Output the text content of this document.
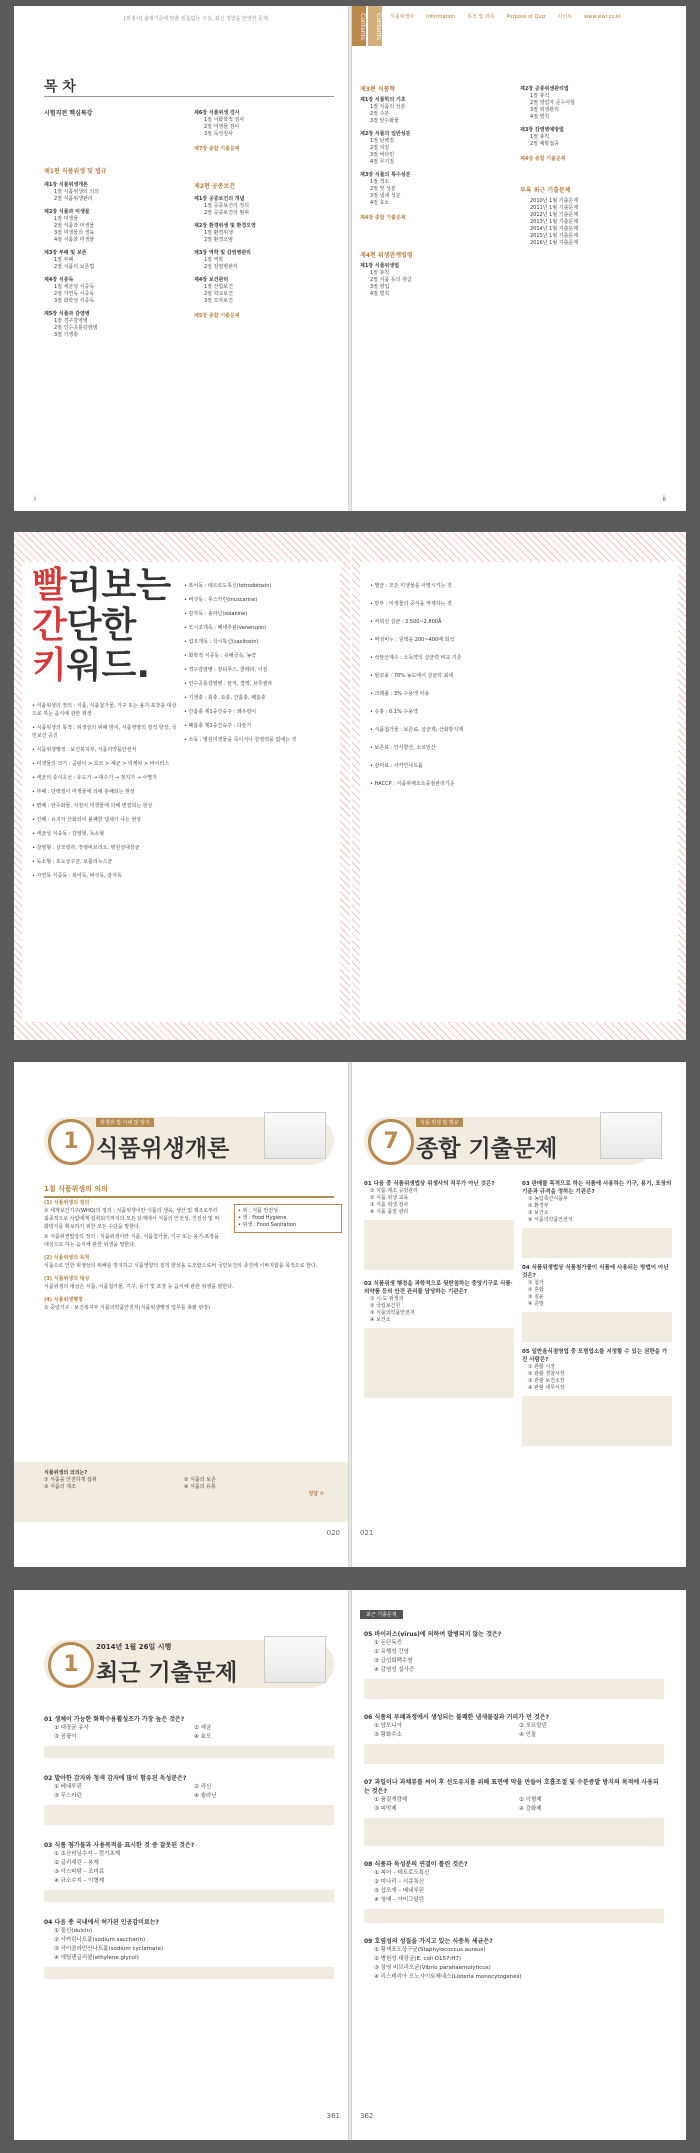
[위생사] 출제기준에 맞춘 빈틈없는 구성, 최신 경향을 반영한 문제.
목 차
시험직전 핵심특강
제1편 식품위생 및 법규
제1장 식품위생개론
1절 식품위생의 의의
2절 식품위생관리
제2장 식품과 미생물
1절 미생물
2절 식품과 미생물
3절 미생물의 생육
4절 식품과 미생물
제3장 부패 및 보존
1절 부패
2절 식품의 보존법
제4장 식중독
1절 세균성 식중독
2절 자연독 식중독
3절 화학성 식중독
제5장 식품과 감염병
1절 경구감염병
2절 인수공통감염병
3절 기생충
제6장 식품위생 검사
1절 이화학적 검사
2절 미생물 검사
3절 독성검사
제7장 종합 기출문제
제2편 공중보건
제1장 공중보건의 개념
1절 공중보건의 정의
2절 공중보건의 범위
제2장 환경위생 및 환경오염
1절 환경위생
2절 환경오염
제3장 역학 및 감염병관리
1절 역학
2절 감염병관리
제4장 보건관리
1절 산업보건
2절 학교보건
3절 모자보건
제5장 종합 기출문제
ⅰ
Contents	Contents 식품위생사 Information 목적 및 과목 Purpose of Quiz 사이트 www.siwi.co.kr
제3편 식품학
제1장 식품학의 기초
1절 식품의 성분
2절 수분
3절 탄수화물
제2장 식품의 일반성분
1절 단백질
2절 지질
3절 비타민
4절 무기질
제3장 식품의 특수성분
1절 색소
2절 맛 성분
3절 냄새 성분
4절 효소
제4장 종합 기출문제
제4편 위생관계법령
제1장 식품위생법
1절 총칙
2절 식품 등의 취급
3절 영업
4절 벌칙
제2장 공중위생관리법
1절 총칙
2절 영업자 준수사항
3절 위생관리
4절 벌칙
제3장 감염병예방법
1절 총칙
2절 예방접종
제4장 종합 기출문제
부록 최근 기출문제
2010년 1월 기출문제
2011년 1월 기출문제
2012년 1월 기출문제
2013년 1월 기출문제
2014년 1월 기출문제
2015년 1월 기출문제
2016년 1월 기출문제
ⅱ
빨리보는
간단한
키워드.
• 식품위생의 정의 : 식품, 식품첨가물, 기구 또는 용기·포장을 대상으로 하는 음식에 관한 위생
• 식품위생의 목적 : 위생상의 위해 방지, 식품영양의 질적 향상, 국민보건 증진
• 식품위생행정 : 보건복지부, 식품의약품안전처
• 미생물의 크기 : 곰팡이 > 효모 > 세균 > 리케차 > 바이러스
• 세균의 증식곡선 : 유도기 → 대수기 → 정지기 → 사멸기
• 부패 : 단백질이 미생물에 의해 분해되는 현상
• 변패 : 탄수화물, 지질이 미생물에 의해 변질되는 현상
• 산패 : 유지가 산화되어 불쾌한 냄새가 나는 현상
• 세균성 식중독 : 감염형, 독소형
• 감염형 : 살모넬라, 장염비브리오, 병원성대장균
• 독소형 : 포도상구균, 보툴리누스균
• 자연독 식중독 : 복어독, 버섯독, 감자독
• 복어독 : 테트로도톡신(tetrodotoxin)
• 버섯독 : 무스카린(muscarine)
• 감자독 : 솔라닌(solanine)
• 모시조개독 : 베네루핀(venerupin)
• 섭조개독 : 삭시톡신(saxitoxin)
• 화학적 식중독 : 유해금속, 농약
• 경구감염병 : 장티푸스, 콜레라, 이질
• 인수공통감염병 : 탄저, 결핵, 브루셀라
• 기생충 : 회충, 요충, 간흡충, 폐흡충
• 간흡충 제1중간숙주 : 왜우렁이
• 폐흡충 제1중간숙주 : 다슬기
• 소독 : 병원미생물을 죽이거나 감염력을 없애는 것
• 멸균 : 모든 미생물을 사멸시키는 것
• 방부 : 미생물의 증식을 억제하는 것
• 자외선 살균 : 2,500~2,800Å
• 역성비누 : 원액을 200~400배 희석
• 석탄산계수 : 소독약의 살균력 비교 기준
• 알코올 : 70% 농도에서 살균력 최대
• 크레졸 : 3% 수용액 사용
• 승홍 : 0.1% 수용액
• 식품첨가물 : 보존료, 살균제, 산화방지제
• 보존료 : 안식향산, 소르빈산
• 감미료 : 사카린나트륨
• HACCP : 식품위해요소중점관리기준
1
위생과 법 이해 및 암기
식품위생개론
1절 식품위생의 의의
(1) 식품위생의 정의
① 세계보건기구(WHO)의 정의 : 식품위생이란 식품의 생육, 생산 및 제조로부터 최종적으로 사람에게 섭취되기까지의 모든 단계에서 식품의 안전성, 건전성 및 악화방지를 확보하기 위한 모든 수단을 말한다.
② 식품위생법상의 정의 : 식품위생이란 식품, 식품첨가물, 기구 또는 용기·포장을 대상으로 하는 음식에 관한 위생을 말한다.
(2) 식품위생의 목적
식품으로 인한 위생상의 위해를 방지하고 식품영양의 질적 향상을 도모함으로써 국민보건의 증진에 이바지함을 목적으로 한다.
(3) 식품위생의 대상
식품위생의 대상은 식품, 식품첨가물, 기구, 용기 및 포장 등 음식에 관한 위생을 말한다.
(4) 식품위생행정
① 중앙기구 : 보건복지부 식품의약품안전처(식품위생행정 업무를 총괄 관장)
• 위 : 식품 안전성
• 생 : Food Hygiene
• 위생 : Food Sanitation
식품위생의 의의는?
① 식품을 안전하게 섭취	② 식품의 보존
③ 식품의 제조	④ 식품의 유통
정답 ①
020
7
식품 위생 및 법규
종합 기출문제
01 다음 중 식품위생법상 위생사의 직무가 아닌 것은?
① 식품 제조 공정관리
② 식품 위생 교육
③ 식품 위생 검사
④ 식품 품질 관리
02 식품위생 행정을 과학적으로 뒷받침하는 중앙기구로 식품·의약품 등의 안전 관리를 담당하는 기관은?
① 시·도 위생과
② 국립보건원
③ 식품의약품안전처
④ 보건소
03 판매를 목적으로 하는 식품에 사용하는 기구, 용기, 포장의 기준과 규격을 정하는 기관은?
① 농림축산식품부
② 환경부
③ 보건소
④ 식품의약품안전처
04 식품위생법상 식품첨가물이 식품에 사용되는 방법이 아닌 것은?
① 첨가
② 혼합
③ 침윤
④ 증발
05 일반음식점영업 중 모범업소를 지정할 수 있는 권한을 가진 사람은?
① 관할 시장
② 관할 경찰서장
③ 관할 보건소장
④ 관할 세무서장
021
1
2014년 1월 26일 시행
최근 기출문제
01 생체이 가능한 화학수용활성조가 가장 높은 것은?
① 대장균 유사	② 세균
③ 곰팡이	④ 효모
02 발아한 감자와 청색 감자에 많이 함유된 독성분은?
① 베네루핀	② 리신
③ 무스카린	④ 솔라닌
03 식품 첨가물과 사용목적을 표시한 것 중 잘못된 것은?
① 초산비닐수지 – 껌기초제
② 글리세린 – 용제
③ 아스파탐 – 조미료
④ 규소수지 – 이형제
04 다음 중 국내에서 허가된 인공감미료는?
① 둘신(dulcin)
② 사카린나트륨(sodium saccharin)
③ 사이클라민산나트륨(sodium cyclamate)
④ 에틸렌글리콜(ethylene glycol)
361
최근 기출문제
05 바이러스(virus)에 의하여 발병되지 않는 것은?
① 돈단독증
② 유행성 간염
③ 급성회백수염
④ 감염성 설사증
06 식품의 부패과정에서 생성되는 불쾌한 냄새물질과 거리가 먼 것은?
① 암모니아	② 포르말린
③ 황화수소	④ 인돌
07 과일이나 과채류를 씨어 후 선도유지를 위해 표면에 막을 만들어 호흡조절 및 수분증발 방지의 목적에 사용되는 것은?
① 품질개량제	② 이형제
③ 피막제	④ 강화제
08 식품과 독성분의 연결이 틀린 것은?
① 복어 – 테트로도톡신
② 미나리 – 시큐톡신
③ 섭조개 – 베네루핀
④ 청매 – 아미그달린
09 호염성의 성질을 가지고 있는 식중독 세균은?
① 황색포도상구균(Staphylococcus aureus)
② 병원성 대장균(E. coli O157:H7)
③ 장염 비브리오균(Vibrio parahaemolyticus)
④ 리스테리아 모노사이토제네스(Listeria monocytogenes)
362
